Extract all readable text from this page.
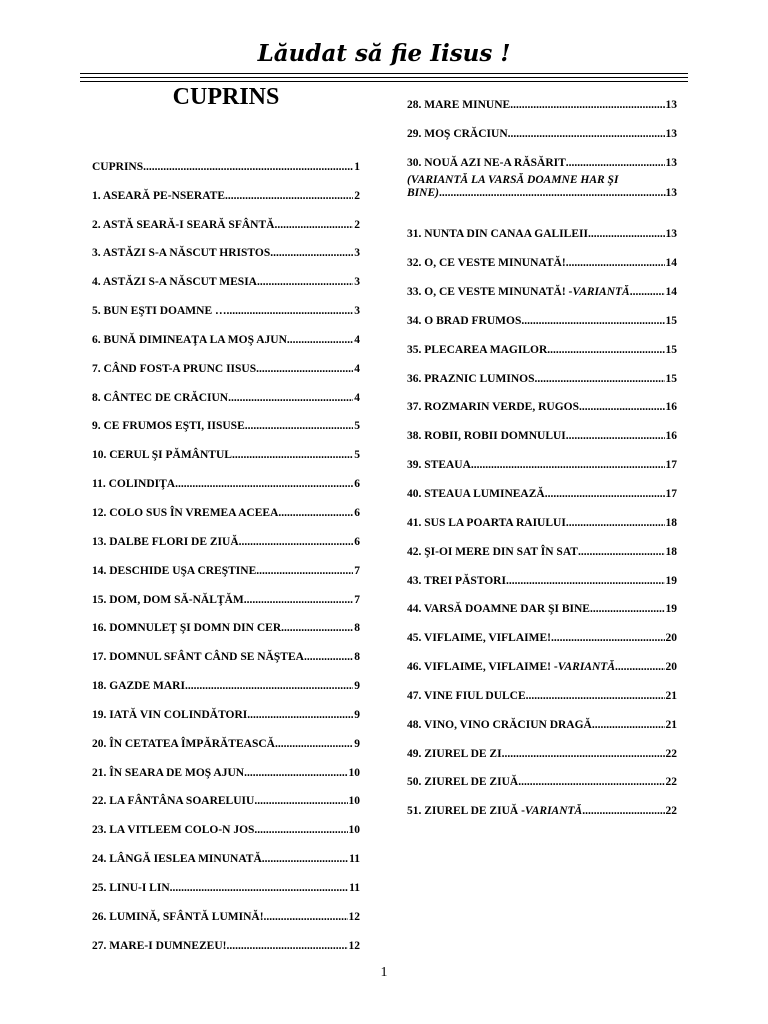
Lăudat să fie Iisus !
CUPRINS
CUPRINS .....	1
1. ASEARĂ PE-NSERATE... .....	2
2. ASTĂ SEARĂ-I SEARĂ SFÂNTĂ .....	2
3. ASTĂZI S-A NĂSCUT HRISTOS .....	3
4. ASTĂZI S-A NĂSCUT MESIA .....	3
5. BUN EŞTI DOAMNE … .....	3
6. BUNĂ DIMINEAŢA LA MOŞ AJUN .....	4
7. CÂND FOST-A PRUNC IISUS... .....	4
8. CÂNTEC DE CRĂCIUN .....	4
9. CE FRUMOS EŞTI, IISUSE .....	5
10. CERUL ŞI PĂMÂNTUL .....	5
11. COLINDIŢA .....	6
12. COLO SUS ÎN VREMEA ACEEA .....	6
13. DALBE FLORI DE ZIUĂ .....	6
14. DESCHIDE UŞA CREŞTINE .....	7
15. DOM, DOM SĂ-NĂLŢĂM .....	7
16. DOMNULEŢ ŞI DOMN DIN CER .....	8
17. DOMNUL SFÂNT CÂND SE NĂŞTEA .....	8
18. GAZDE MARI .....	9
19. IATĂ VIN COLINDĂTORI .....	9
20. ÎN CETATEA ÎMPĂRĂTEASCĂ .....	9
21. ÎN SEARA DE MOŞ AJUN .....	10
22. LA FÂNTÂNA SOARELUIU .....	10
23. LA VITLEEM COLO-N JOS .....	10
24. LÂNGĂ IESLEA MINUNATĂ .....	11
25. LINU-I LIN .....	11
26. LUMINĂ, SFÂNTĂ LUMINĂ! .....	12
27. MARE-I DUMNEZEU! .....	12
28. MARE MINUNE .....	13
29. MOŞ CRĂCIUN .....	13
30. NOUĂ AZI NE-A RĂSĂRIT .....	13
(VARIANTĂ LA VARSĂ DOAMNE HAR ŞI
BINE) .....	13
31. NUNTA DIN CANAA GALILEII .....	13
32. O, CE VESTE MINUNATĂ! .....	14
33. O, CE VESTE MINUNATĂ! - VARIANTĂ .....	14
34. O BRAD FRUMOS .....	15
35. PLECAREA MAGILOR .....	15
36. PRAZNIC LUMINOS .....	15
37. ROZMARIN VERDE, RUGOS .....	16
38. ROBII, ROBII DOMNULUI .....	16
39. STEAUA .....	17
40. STEAUA LUMINEAZĂ .....	17
41. SUS LA POARTA RAIULUI .....	18
42. ŞI-OI MERE DIN SAT ÎN SAT .....	18
43. TREI PĂSTORI .....	19
44. VARSĂ DOAMNE DAR ŞI BINE .....	19
45. VIFLAIME, VIFLAIME! .....	20
46. VIFLAIME, VIFLAIME! - VARIANTĂ .....	20
47. VINE FIUL DULCE .....	21
48. VINO, VINO CRĂCIUN DRAGĂ .....	21
49. ZIUREL DE ZI .....	22
50. ZIUREL DE ZIUĂ .....	22
51. ZIUREL DE ZIUĂ - VARIANTĂ .....	22
1
